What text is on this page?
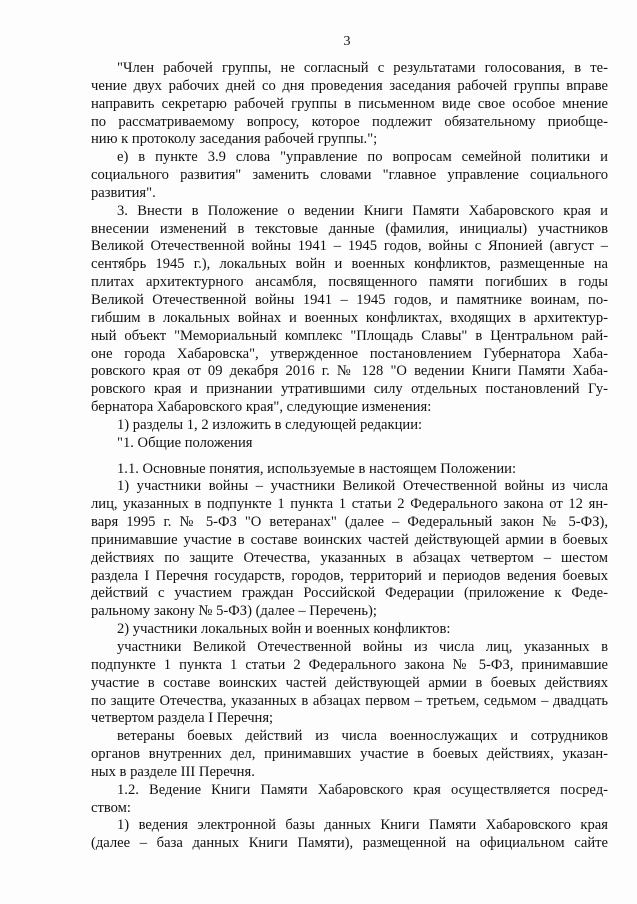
3
"Член рабочей группы, не согласный с результатами голосования, в те-
чение двух рабочих дней со дня проведения заседания рабочей группы вправе
направить секретарю рабочей группы в письменном виде свое особое мнение
по рассматриваемому вопросу, которое подлежит обязательному приобще-
нию к протоколу заседания рабочей группы.";
е) в пункте 3.9 слова "управление по вопросам семейной политики и
социального развития" заменить словами "главное управление социального
развития".
3. Внести в Положение о ведении Книги Памяти Хабаровского края и
внесении изменений в текстовые данные (фамилия, инициалы) участников
Великой Отечественной войны 1941 – 1945 годов, войны с Японией (август –
сентябрь 1945 г.), локальных войн и военных конфликтов, размещенные на
плитах архитектурного ансамбля, посвященного памяти погибших в годы
Великой Отечественной войны 1941 – 1945 годов, и памятнике воинам, по-
гибшим в локальных войнах и военных конфликтах, входящих в архитектур-
ный объект "Мемориальный комплекс "Площадь Славы" в Центральном рай-
оне города Хабаровска", утвержденное постановлением Губернатора Хаба-
ровского края от 09 декабря 2016 г. № 128 "О ведении Книги Памяти Хаба-
ровского края и признании утратившими силу отдельных постановлений Гу-
бернатора Хабаровского края", следующие изменения:
1) разделы 1, 2 изложить в следующей редакции:
"1. Общие положения
1.1. Основные понятия, используемые в настоящем Положении:
1) участники войны – участники Великой Отечественной войны из числа
лиц, указанных в подпункте 1 пункта 1 статьи 2 Федерального закона от 12 ян-
варя 1995 г. № 5-ФЗ "О ветеранах" (далее – Федеральный закон № 5-ФЗ),
принимавшие участие в составе воинских частей действующей армии в боевых
действиях по защите Отечества, указанных в абзацах четвертом – шестом
раздела I Перечня государств, городов, территорий и периодов ведения боевых
действий с участием граждан Российской Федерации (приложение к Феде-
ральному закону № 5-ФЗ) (далее – Перечень);
2) участники локальных войн и военных конфликтов:
участники Великой Отечественной войны из числа лиц, указанных в
подпункте 1 пункта 1 статьи 2 Федерального закона № 5-ФЗ, принимавшие
участие в составе воинских частей действующей армии в боевых действиях
по защите Отечества, указанных в абзацах первом – третьем, седьмом – двадцать
четвертом раздела I Перечня;
ветераны боевых действий из числа военнослужащих и сотрудников
органов внутренних дел, принимавших участие в боевых действиях, указан-
ных в разделе III Перечня.
1.2. Ведение Книги Памяти Хабаровского края осуществляется посред-
ством:
1) ведения электронной базы данных Книги Памяти Хабаровского края
(далее – база данных Книги Памяти), размещенной на официальном сайте
